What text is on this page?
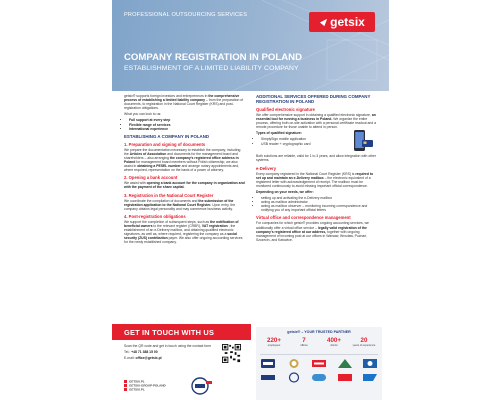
PROFESSIONAL OUTSOURCING SERVICES	getsix
COMPANY REGISTRATION IN POLAND
ESTABLISHMENT OF A LIMITED LIABILITY COMPANY

getsix® supports foreign investors and entrepreneurs in the comprehensive process of establishing a limited liability company – from the preparation of documents, to registration in the National Court Register (KRS) and post-registration obligations.

What you can look to us:

• Full support at every step
• Flexible range of services
• International experience
ESTABLISHING A COMPANY IN POLAND
1. Preparation and signing of documents

We prepare the documentation necessary to establish the company, including the Articles of Association and documents for the management board and shareholders – also arranging the company's registered office address in Poland for management board members without Polish citizenship, we also assist in obtaining a PESEL number and arrange notary appointments and, where required, representation on the basis of a power of attorney.

2. Opening a bank account

We assist with opening a bank account for the company in organization and with the payment of the share capital.

3. Registration in the National Court Register

We coordinate the compilation of documents and the submission of the registration application to the National Court Register. Upon entry, the company obtains legal personality and may commence business activity.

4. Post-registration obligations

We support the completion of subsequent steps, such as the notification of beneficial owners to the relevant register (CRBR), VAT registration , the establishment of an e-Delivery mailbox, and obtaining qualified electronic signatures, as well as, where required, registering the company as a social security (ZUS) contribution payer. We also offer ongoing accounting services for the newly established company.

ADDITIONAL SERVICES OFFERED DURING COMPANY REGISTRATION IN POLAND
Qualified electronic signature

We offer comprehensive support in obtaining a qualified electronic signature, an essential tool for running a business in Poland. We organise the entire process, offering both on-site activation with a personal certificate readout and a remote procedure for those unable to attend in person.

Types of qualified signature:

• SimplySign mobile application
• USB reader + cryptographic card

Both solutions are reliable, valid for 1 to 3 years, and allow integration with other systems.

e-Delivery

Every company registered in the National Court Register (KRS) is required to set up and maintain an e-Delivery mailbox – the electronic equivalent of a registered letter with acknowledgement of receipt. The mailbox must be monitored continuously to avoid missing important official correspondence.

Depending on your needs, we offer:

• setting up and activating the e-Delivery mailbox
• acting as mailbox administrator
• acting as mailbox observer – monitoring incoming correspondence and notifying you of any important official letters
Virtual office and correspondence management

For companies for which getsix® provides ongoing accounting services, we additionally offer a virtual office service – legally valid registration of the company's registered office at our address, together with ongoing management of incoming post at our offices in Warsaw, Wrocław, Poznań, Szczecin, and Katowice.

GET IN TOUCH WITH US

Scan the QR code and get in touch using the contact form

Tel.: +48 71 388 15 00

E-mail: office@getsix.pl

GETSIX.PL
GETSIX-GROUP-POLAND
GETSIX.PL
getsix® – YOUR TRUSTED PARTNER
220+
employees
7
offices
400+
clients
20
years of experience
